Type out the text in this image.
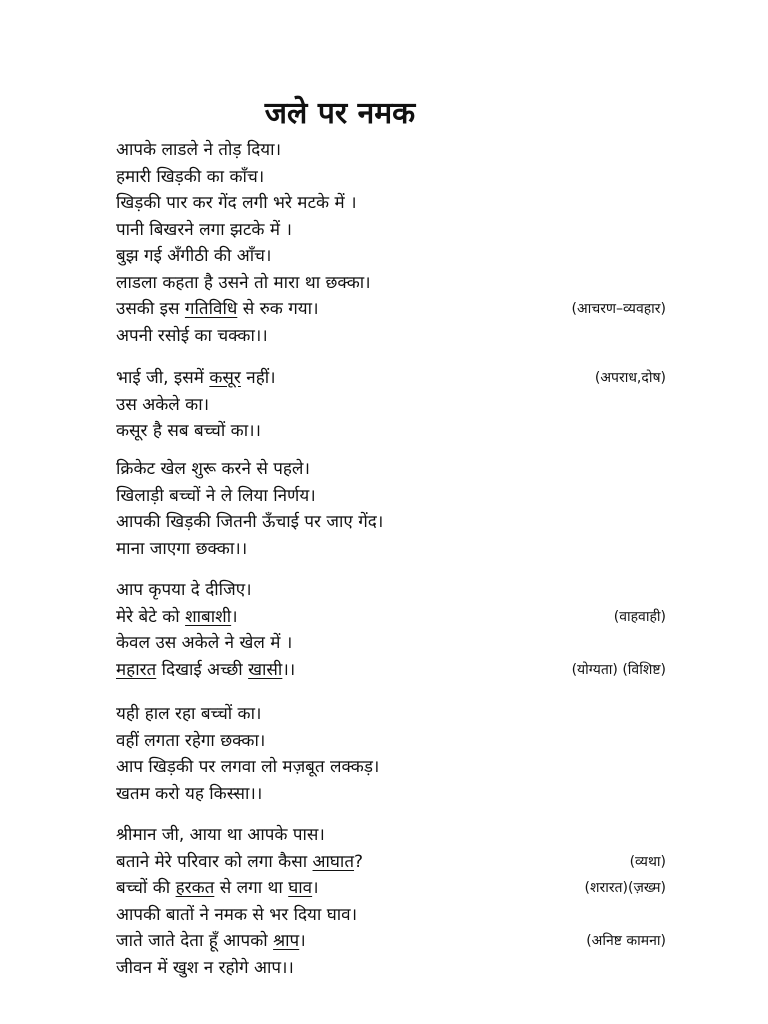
जले पर नमक
आपके लाडले ने तोड़ दिया।
हमारी खिड़की का काँच।
खिड़की पार कर गेंद लगी भरे मटके में ।
पानी बिखरने लगा झटके में ।
बुझ गई अँगीठी की आँच।
लाडला कहता है उसने तो मारा था छक्का।
उसकी इस गतिविधि से रुक गया।	(आचरण–व्यवहार)
अपनी रसोई का चक्का।।
भाई जी, इसमें कसूर नहीं।	(अपराध,दोष)
उस अकेले का।
कसूर है सब बच्चों का।।
क्रिकेट खेल शुरू करने से पहले।
खिलाड़ी बच्चों ने ले लिया निर्णय।
आपकी खिड़की जितनी ऊँचाई पर जाए गेंद।
माना जाएगा छक्का।।
आप कृपया दे दीजिए।
मेरे बेटे को शाबाशी।	(वाहवाही)
केवल उस अकेले ने खेल में ।
महारत दिखाई अच्छी खासी।।	(योग्यता) (विशिष्ट)
यही हाल रहा बच्चों का।
वहीं लगता रहेगा छक्का।
आप खिड़की पर लगवा लो मज़बूत लक्कड़।
खतम करो यह किस्सा।।
श्रीमान जी, आया था आपके पास।
बताने मेरे परिवार को लगा कैसा आघात?	(व्यथा)
बच्चों की हरकत से लगा था घाव।	(शरारत)(ज़ख्म)
आपकी बातों ने नमक से भर दिया घाव।
जाते जाते देता हूँ आपको श्राप।	(अनिष्ट कामना)
जीवन में खुश न रहोगे आप।।
